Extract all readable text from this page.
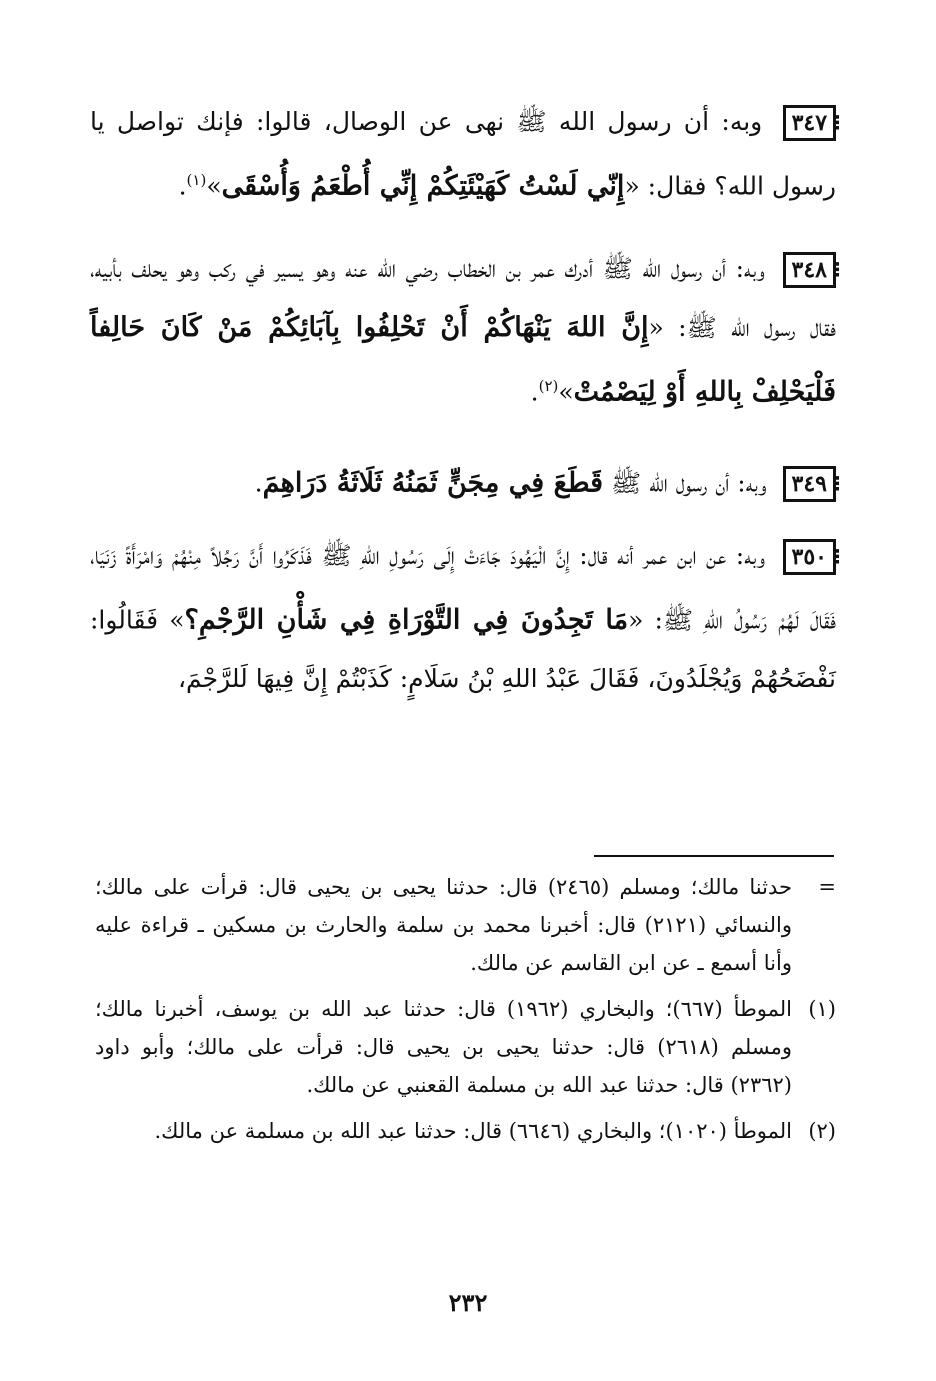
⁝ ٣٤٧ وبه: أن رسول الله ﷺ نهى عن الوصال، قالوا: فإنك تواصل يا رسول الله؟ فقال: «إِنّي لَسْتُ كَهَيْئَتِكُمْ إِنِّي أُطْعَمُ وَأُسْقَى»$^{(١)}$.

⁝ ٣٤٨ وبه: أن رسول الله ﷺ أدرك عمر بن الخطاب رضي الله عنه وهو يسير في ركب وهو يحلف بأبيه، فقال رسول الله ﷺ: «إِنَّ اللهَ يَنْهَاكُمْ أَنْ تَحْلِفُوا بِآبَائِكُمْ مَنْ كَانَ حَالِفاً فَلْيَحْلِفْ بِاللهِ أَوْ لِيَصْمُتْ»$^{(٢)}$.

⁝ ٣٤٩ وبه: أن رسول الله ﷺ قَطَعَ فِي مِجَنٍّ ثَمَنُهُ ثَلَاثَةُ دَرَاهِمَ.

⁝ ٣٥٠ وبه: عن ابن عمر أنه قال: إِنَّ الْيَهُودَ جَاءَتْ إِلَى رَسُولِ اللهِ ﷺ فَذَكَرُوا أَنَّ رَجُلاً مِنْهُمْ وَامْرَأَةً زَنَيَا، فَقَالَ لَهُمْ رَسُولُ اللهِ ﷺ: «مَا تَجِدُونَ فِي التَّوْرَاةِ فِي شَأْنِ الرَّجْمِ؟» فَقَالُوا: نَفْضَحُهُمْ وَيُجْلَدُونَ، فَقَالَ عَبْدُ اللهِ بْنُ سَلَامٍ: كَذَبْتُمْ إِنَّ فِيهَا لَلرَّجْمَ،

=
حدثنا مالك؛ ومسلم (٢٤٦٥) قال: حدثنا يحيى بن يحيى قال: قرأت على مالك؛ والنسائي (٢١٢١) قال: أخبرنا محمد بن سلمة والحارث بن مسكين ـ قراءة عليه وأنا أسمع ـ عن ابن القاسم عن مالك.
(١)
الموطأ (٦٦٧)؛ والبخاري (١٩٦٢) قال: حدثنا عبد الله بن يوسف، أخبرنا مالك؛ ومسلم (٢٦١٨) قال: حدثنا يحيى بن يحيى قال: قرأت على مالك؛ وأبو داود (٢٣٦٢) قال: حدثنا عبد الله بن مسلمة القعنبي عن مالك.
(٢)
الموطأ (١٠٢٠)؛ والبخاري (٦٦٤٦) قال: حدثنا عبد الله بن مسلمة عن مالك.
٢٣٢
